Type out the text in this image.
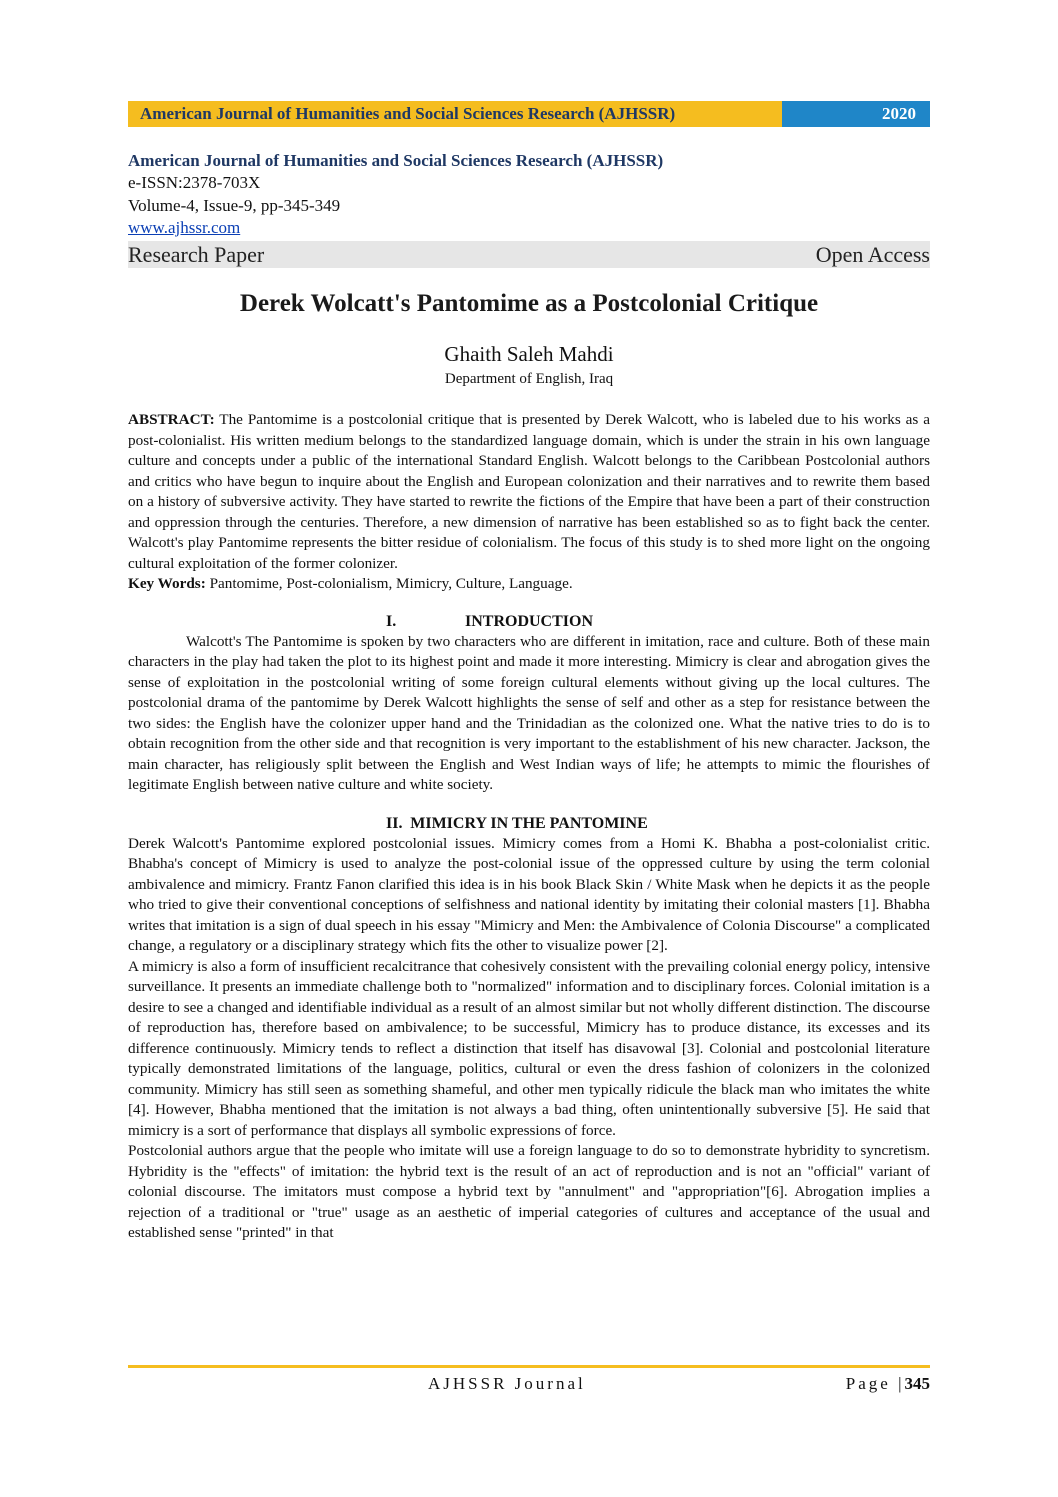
American Journal of Humanities and Social Sciences Research (AJHSSR)	2020
American Journal of Humanities and Social Sciences Research (AJHSSR)
e-ISSN:2378-703X
Volume-4, Issue-9, pp-345-349
www.ajhssr.com
Research Paper	Open Access
Derek Wolcatt's Pantomime as a Postcolonial Critique
Ghaith Saleh Mahdi
Department of English, Iraq

ABSTRACT: The Pantomime is a postcolonial critique that is presented by Derek Walcott, who is labeled due to his works as a post-colonialist. His written medium belongs to the standardized language domain, which is under the strain in his own language culture and concepts under a public of the international Standard English. Walcott belongs to the Caribbean Postcolonial authors and critics who have begun to inquire about the English and European colonization and their narratives and to rewrite them based on a history of subversive activity. They have started to rewrite the fictions of the Empire that have been a part of their construction and oppression through the centuries. Therefore, a new dimension of narrative has been established so as to fight back the center. Walcott's play Pantomime represents the bitter residue of colonialism. The focus of this study is to shed more light on the ongoing cultural exploitation of the former colonizer.

Key Words: Pantomime, Post-colonialism, Mimicry, Culture, Language.

I.	INTRODUCTION

Walcott's The Pantomime is spoken by two characters who are different in imitation, race and culture. Both of these main characters in the play had taken the plot to its highest point and made it more interesting. Mimicry is clear and abrogation gives the sense of exploitation in the postcolonial writing of some foreign cultural elements without giving up the local cultures. The postcolonial drama of the pantomime by Derek Walcott highlights the sense of self and other as a step for resistance between the two sides: the English have the colonizer upper hand and the Trinidadian as the colonized one. What the native tries to do is to obtain recognition from the other side and that recognition is very important to the establishment of his new character. Jackson, the main character, has religiously split between the English and West Indian ways of life; he attempts to mimic the flourishes of legitimate English between native culture and white society.

II. MIMICRY IN THE PANTOMINE

Derek Walcott's Pantomime explored postcolonial issues. Mimicry comes from a Homi K. Bhabha a post-colonialist critic. Bhabha's concept of Mimicry is used to analyze the post-colonial issue of the oppressed culture by using the term colonial ambivalence and mimicry. Frantz Fanon clarified this idea is in his book Black Skin / White Mask when he depicts it as the people who tried to give their conventional conceptions of selfishness and national identity by imitating their colonial masters [1]. Bhabha writes that imitation is a sign of dual speech in his essay "Mimicry and Men: the Ambivalence of Colonia Discourse" a complicated change, a regulatory or a disciplinary strategy which fits the other to visualize power [2].

A mimicry is also a form of insufficient recalcitrance that cohesively consistent with the prevailing colonial energy policy, intensive surveillance. It presents an immediate challenge both to "normalized" information and to disciplinary forces. Colonial imitation is a desire to see a changed and identifiable individual as a result of an almost similar but not wholly different distinction. The discourse of reproduction has, therefore based on ambivalence; to be successful, Mimicry has to produce distance, its excesses and its difference continuously. Mimicry tends to reflect a distinction that itself has disavowal [3]. Colonial and postcolonial literature typically demonstrated limitations of the language, politics, cultural or even the dress fashion of colonizers in the colonized community. Mimicry has still seen as something shameful, and other men typically ridicule the black man who imitates the white [4]. However, Bhabha mentioned that the imitation is not always a bad thing, often unintentionally subversive [5]. He said that mimicry is a sort of performance that displays all symbolic expressions of force.

Postcolonial authors argue that the people who imitate will use a foreign language to do so to demonstrate hybridity to syncretism. Hybridity is the "effects" of imitation: the hybrid text is the result of an act of reproduction and is not an "official" variant of colonial discourse. The imitators must compose a hybrid text by "annulment" and "appropriation"[6]. Abrogation implies a rejection of a traditional or "true" usage as an aesthetic of imperial categories of cultures and acceptance of the usual and established sense "printed" in that

AJHSSR Journal	Page |345
